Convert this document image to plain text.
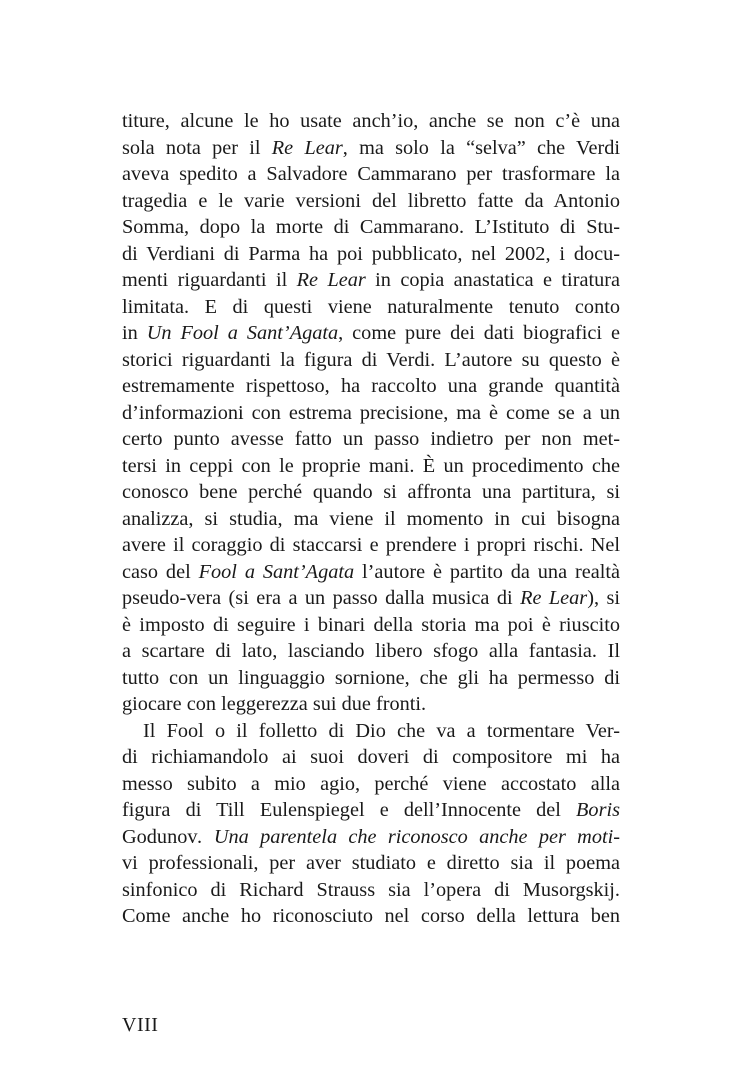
titure, alcune le ho usate anch’io, anche se non c’è una
sola nota per il Re Lear, ma solo la “selva” che Verdi
aveva spedito a Salvadore Cammarano per trasformare la
tragedia e le varie versioni del libretto fatte da Antonio
Somma, dopo la morte di Cammarano. L’Istituto di Stu-
di Verdiani di Parma ha poi pubblicato, nel 2002, i docu-
menti riguardanti il Re Lear in copia anastatica e tiratura
limitata. E di questi viene naturalmente tenuto conto
in Un Fool a Sant’Agata, come pure dei dati biografici e
storici riguardanti la figura di Verdi. L’autore su questo è
estremamente rispettoso, ha raccolto una grande quantità
d’informazioni con estrema precisione, ma è come se a un
certo punto avesse fatto un passo indietro per non met-
tersi in ceppi con le proprie mani. È un procedimento che
conosco bene perché quando si affronta una partitura, si
analizza, si studia, ma viene il momento in cui bisogna
avere il coraggio di staccarsi e prendere i propri rischi. Nel
caso del Fool a Sant’Agata l’autore è partito da una realtà
pseudo-vera (si era a un passo dalla musica di Re Lear), si
è imposto di seguire i binari della storia ma poi è riuscito
a scartare di lato, lasciando libero sfogo alla fantasia. Il
tutto con un linguaggio sornione, che gli ha permesso di
giocare con leggerezza sui due fronti.
Il Fool o il folletto di Dio che va a tormentare Ver-
di richiamandolo ai suoi doveri di compositore mi ha
messo subito a mio agio, perché viene accostato alla
figura di Till Eulenspiegel e dell’Innocente del Boris
Godunov. Una parentela che riconosco anche per moti-
vi professionali, per aver studiato e diretto sia il poema
sinfonico di Richard Strauss sia l’opera di Musorgskij.
Come anche ho riconosciuto nel corso della lettura ben
VIII
